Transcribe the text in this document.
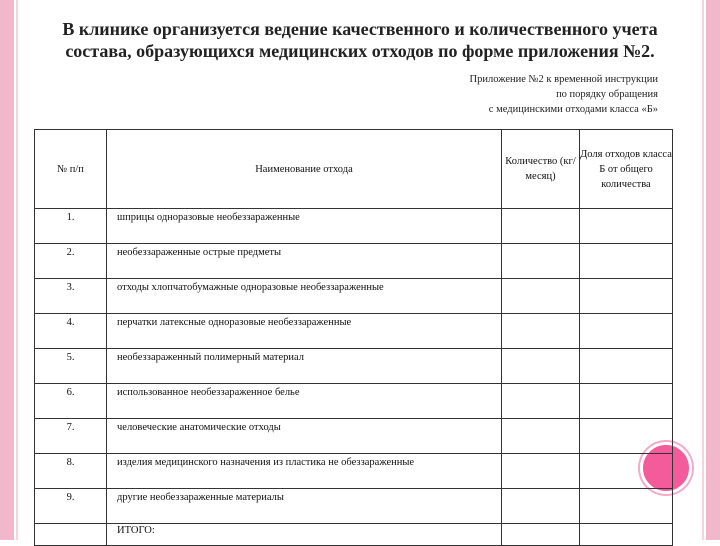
В клинике организуется ведение качественного и количественного учета
состава, образующихся медицинских отходов по форме приложения №2.
Приложение №2 к временной инструкции
по порядку обращения
с медицинскими отходами класса «Б»
№ п/п	Наименование отхода	Количество (кг/месяц)	Доля отходов класса Б от общего количества
1.	шприцы одноразовые необеззараженные		
2.	необеззараженные острые предметы		
3.	отходы хлопчатобумажные одноразовые необеззараженные		
4.	перчатки латексные одноразовые необеззараженные		
5.	необеззараженный полимерный материал		
6.	использованное необеззараженное белье		
7.	человеческие анатомические отходы		
8.	изделия медицинского назначения из пластика не обеззараженные		
9.	другие необеззараженные материалы		
	ИТОГО:		
